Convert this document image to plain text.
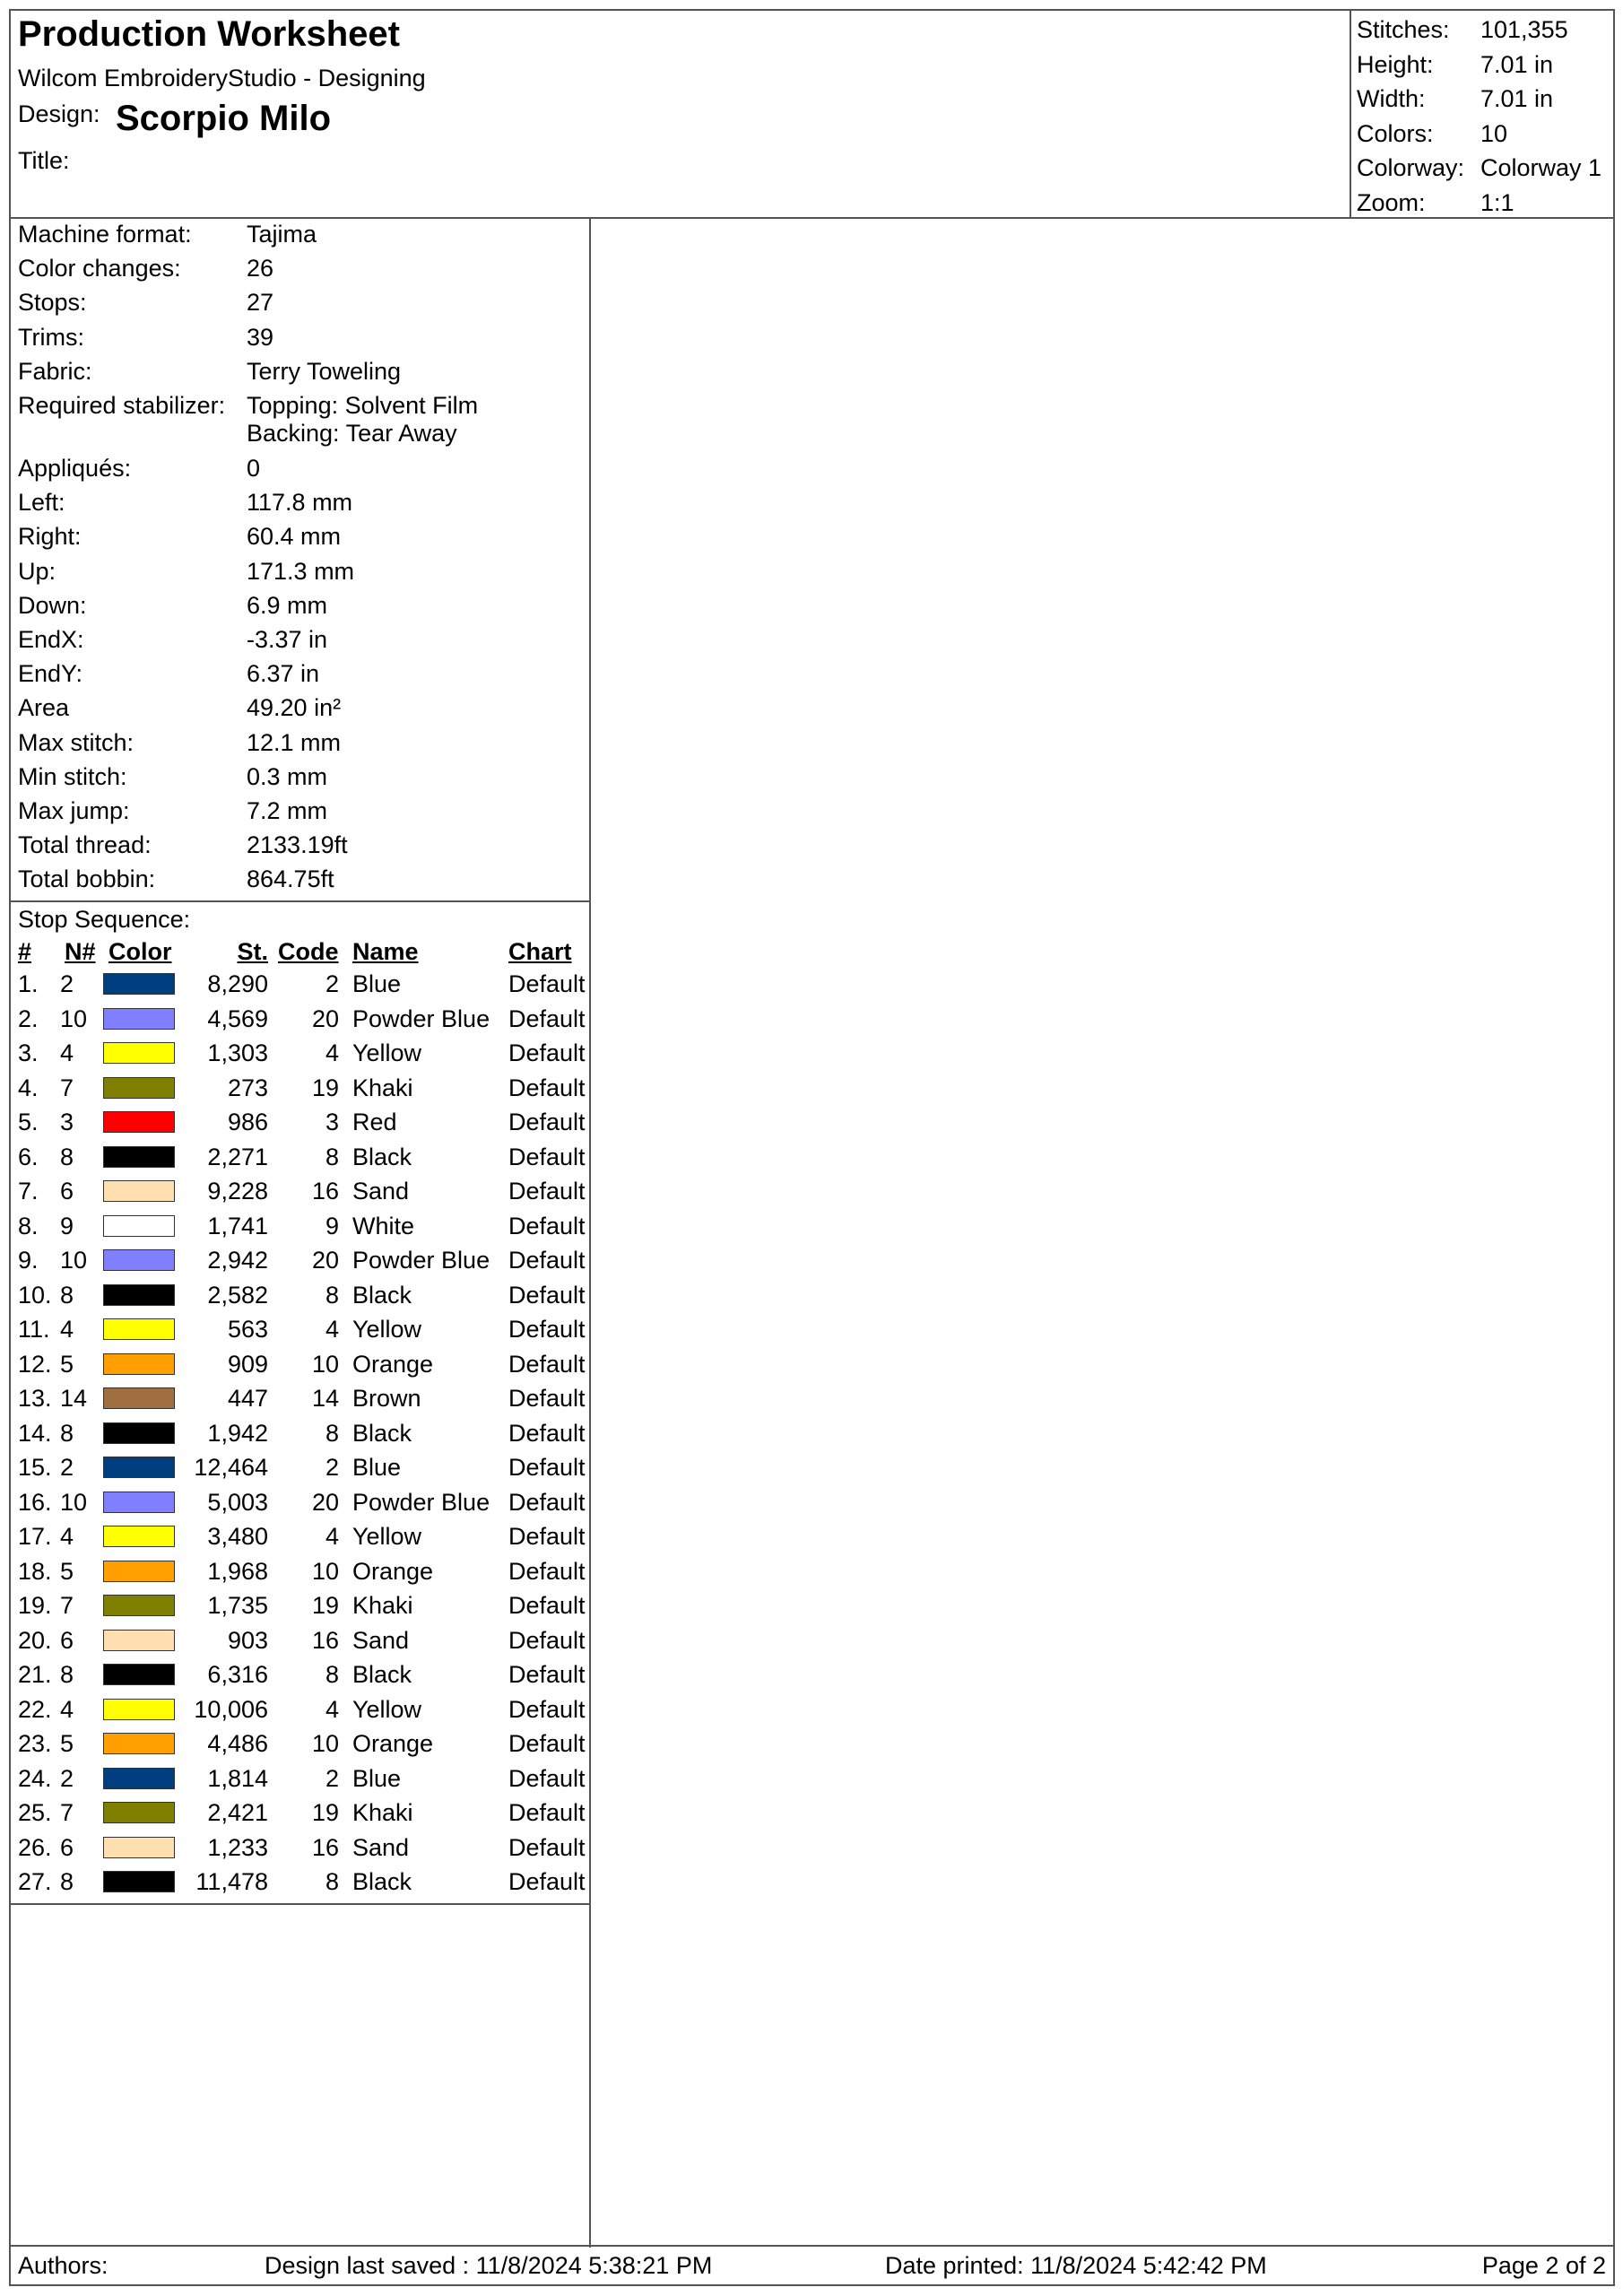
Production Worksheet
Wilcom EmbroideryStudio - Designing
Design: Scorpio Milo
Title:
Stitches: 101,355
Height: 7.01 in
Width: 7.01 in
Colors: 10
Colorway: Colorway 1
Zoom: 1:1
Machine format: Tajima
Color changes:	26
Stops:	27
Trims:	39
Fabric:	Terry Toweling
Required stabilizer: Topping: Solvent Film
Backing: Tear Away
Appliqués:	0
Left:	117.8 mm
Right:	60.4 mm
Up:	171.3 mm
Down:	6.9 mm
EndX:	-3.37 in
EndY:	6.37 in
Area	49.20 in²
Max stitch:	12.1 mm
Min stitch:	0.3 mm
Max jump:	7.2 mm
Total thread:	2133.19ft
Total bobbin:	864.75ft
Stop Sequence:
# N# Color	St. Code Name	Chart
1. 2	8,290 2 Blue	Default
2. 10	4,569 20 Powder Blue Default
3. 4	1,303 4 Yellow	Default
4. 7	273 19 Khaki	Default
5. 3	986 3 Red	Default
6. 8	2,271 8 Black	Default
7. 6	9,228 16 Sand	Default
8. 9	1,741 9 White	Default
9. 10	2,942 20 Powder Blue Default
10. 8	2,582 8 Black	Default
11. 4	563 4 Yellow	Default
12. 5	909 10 Orange	Default
13. 14	447 14 Brown	Default
14. 8	1,942 8 Black	Default
15. 2	12,464 2 Blue	Default
16. 10	5,003 20 Powder Blue Default
17. 4	3,480 4 Yellow	Default
18. 5	1,968 10 Orange	Default
19. 7	1,735 19 Khaki	Default
20. 6	903 16 Sand	Default
21. 8	6,316 8 Black	Default
22. 4	10,006 4 Yellow	Default
23. 5	4,486 10 Orange	Default
24. 2	1,814 2 Blue	Default
25. 7	2,421 19 Khaki	Default
26. 6	1,233 16 Sand	Default
27. 8	11,478 8 Black	Default
Authors:	Design last saved : 11/8/2024 5:38:21 PM	Date printed: 11/8/2024 5:42:42 PM	Page 2 of 2
